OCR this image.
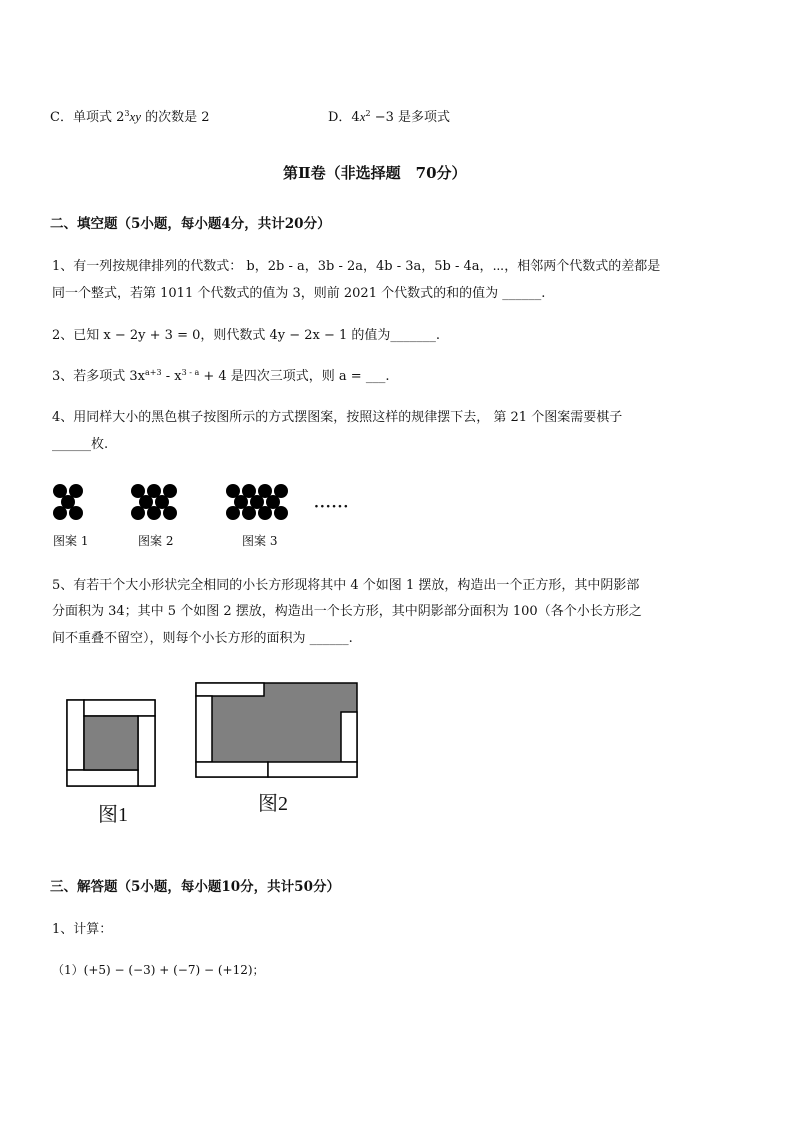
C．单项式 $2^3xy$ 的次数是 2	D．$4x^2 -3$ 是多项式
第Ⅱ卷（非选择题　70分）
二、填空题（5小题，每小题4分，共计20分）
1、有一列按规律排列的代数式： b，2b - a，3b - 2a，4b - 3a，5b - 4a，⋯，相邻两个代数式的差都是
同一个整式，若第 1011 个代数式的值为 3，则前 2021 个代数式的和的值为 ______.
2、已知 x − 2y + 3 = 0，则代数式 4y − 2x − 1 的值为_______.
3、若多项式 $3x^{a+3} - x^{3 - a} + 4$ 是四次三项式，则 a = ___.
4、用同样大小的黑色棋子按图所示的方式摆图案，按照这样的规律摆下去， 第 21 个图案需要棋子
______枚.
······
图案 1	图案 2	图案 3
5、有若干个大小形状完全相同的小长方形现将其中 4 个如图 1 摆放，构造出一个正方形，其中阴影部
分面积为 34；其中 5 个如图 2 摆放，构造出一个长方形，其中阴影部分面积为 100（各个小长方形之
间不重叠不留空），则每个小长方形的面积为 ______.
图1	图2
三、解答题（5小题，每小题10分，共计50分）
1、计算：
（1）(+5) − (−3) + (−7) − (+12)；
